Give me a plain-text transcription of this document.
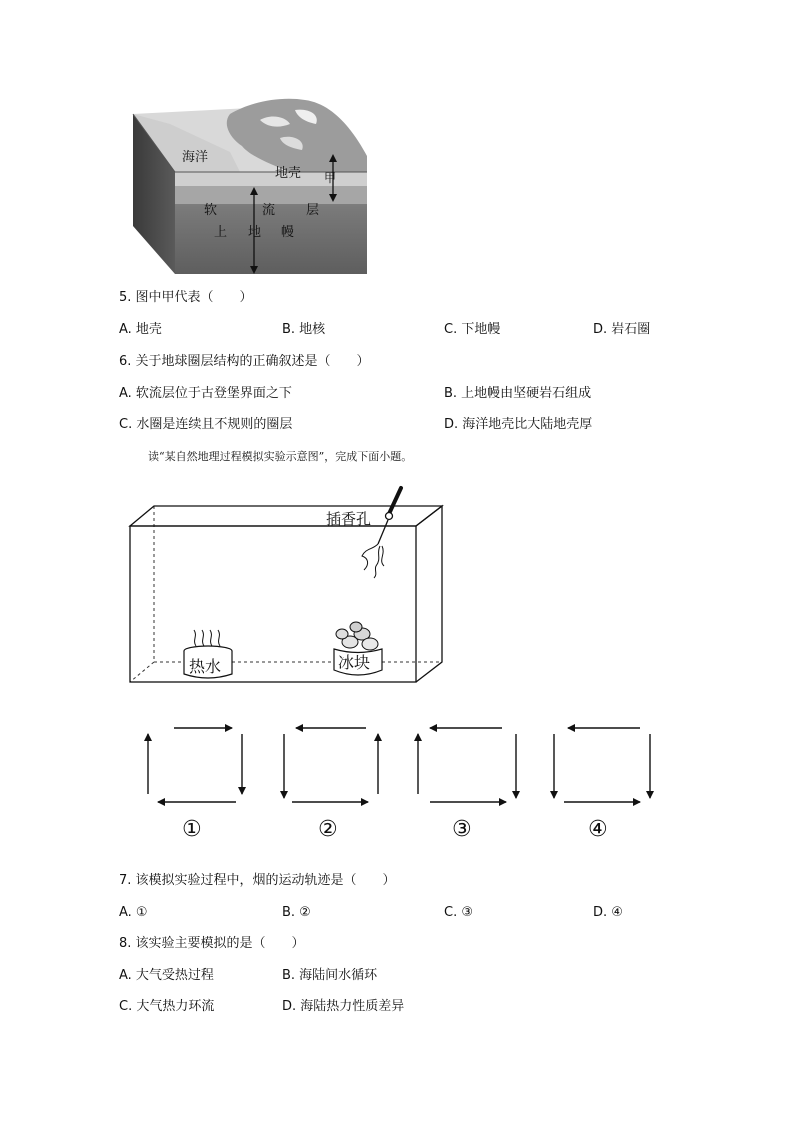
海洋
地壳 甲
软	流 层
上 地 幔
5. 图中甲代表（　　）
A. 地壳	B. 地核	C. 下地幔	D. 岩石圈
6. 关于地球圈层结构的正确叙述是（　　）
A. 软流层位于古登堡界面之下	B. 上地幔由坚硬岩石组成
C. 水圈是连续且不规则的圈层	D. 海洋地壳比大陆地壳厚
读“某自然地理过程模拟实验示意图”，完成下面小题。
插香孔
热水	冰块
①	②	③	④
7. 该模拟实验过程中，烟的运动轨迹是（　　）
A. ①	B. ②	C. ③	D. ④
8. 该实验主要模拟的是（　　）
A. 大气受热过程	B. 海陆间水循环
C. 大气热力环流	D. 海陆热力性质差异
